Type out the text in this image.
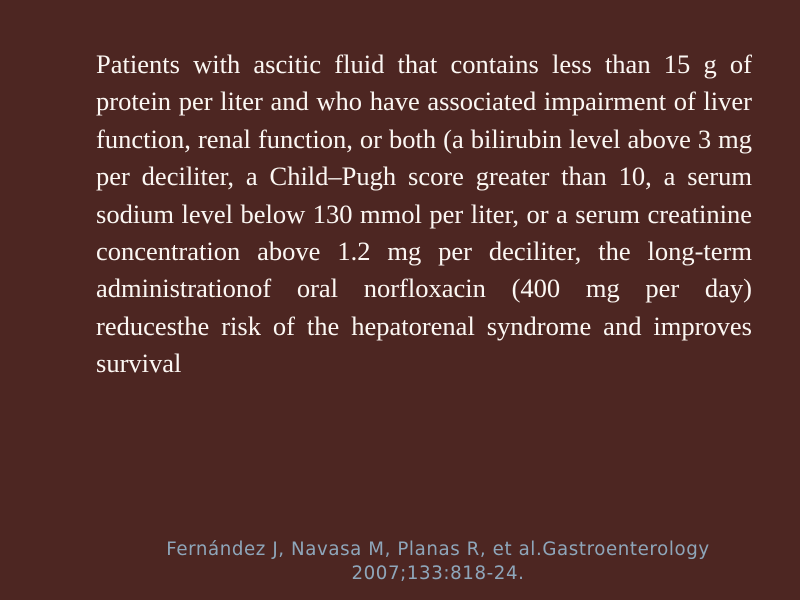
Patients with ascitic fluid that contains less than 15 g of protein per liter and who have associated impairment of liver function, renal function, or both (a bilirubin level above 3 mg per deciliter, a Child–Pugh score greater than 10, a serum sodium level below 130 mmol per liter, or a serum creatinine concentration above 1.2 mg per deciliter, the long-term administrationof oral norfloxacin (400 mg per day) reducesthe risk of the hepatorenal syndrome and improves survival

Fernández J, Navasa M, Planas R, et al.Gastroenterology
2007;133:818-24.
